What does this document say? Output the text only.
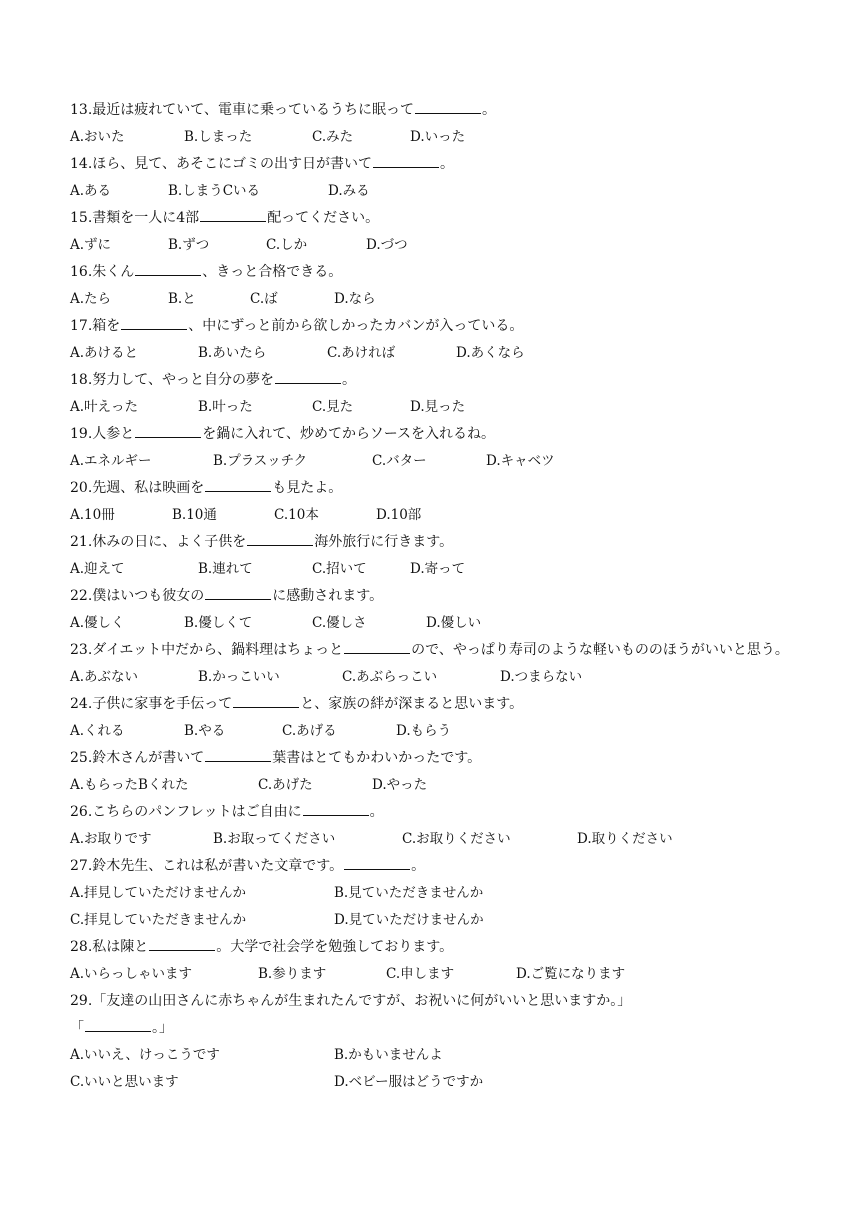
13.最近は疲れていて、電車に乗っているうちに眠って	。
A.おいた	B.しまった	C.みた	D.いった
14.ほら、見て、あそこにゴミの出す日が書いて	。
A.ある	B.しまうCいる	D.みる
15.書類を一人に4部	配ってください。
A.ずに	B.ずつ	C.しか	D.づつ
16.朱くん	、きっと合格できる。
A.たら	B.と	C.ば	D.なら
17.箱を	、中にずっと前から欲しかったカバンが入っている。
A.あけると	B.あいたら	C.あければ	D.あくなら
18.努力して、やっと自分の夢を	。
A.叶えった	B.叶った	C.見た	D.見った
19.人参と	を鍋に入れて、炒めてからソースを入れるね。
A.エネルギー	B.プラスッチク	C.バター	D.キャベツ
20.先週、私は映画を	も見たよ。
A.10冊	B.10通	C.10本	D.10部
21.休みの日に、よく子供を	海外旅行に行きます。
A.迎えて	B.連れて	C.招いて	D.寄って
22.僕はいつも彼女の	に感動されます。
A.優しく	B.優しくて	C.優しさ	D.優しい
23.ダイエット中だから、鍋料理はちょっと	ので、やっぱり寿司のような軽いもののほうがいいと思う。
A.あぶない	B.かっこいい	C.あぶらっこい	D.つまらない
24.子供に家事を手伝って	と、家族の絆が深まると思います。
A.くれる	B.やる	C.あげる	D.もらう
25.鈴木さんが書いて	葉書はとてもかわいかったです。
A.もらったBくれた	C.あげた	D.やった
26.こちらのパンフレットはご自由に	。
A.お取りです	B.お取ってください	C.お取りください	D.取りください
27.鈴木先生、これは私が書いた文章です。	。
A.拝見していただけませんか	B.見ていただきませんか
C.拝見していただきませんか	D.見ていただけませんか
28.私は陳と	。大学で社会学を勉強しております。
A.いらっしゃいます	B.参ります	C.申します	D.ご覧になります
29.「友達の山田さんに赤ちゃんが生まれたんですが、お祝いに何がいいと思いますか。」
「	。」
A.いいえ、けっこうです	B.かもいませんよ
C.いいと思います	D.ベビー服はどうですか
